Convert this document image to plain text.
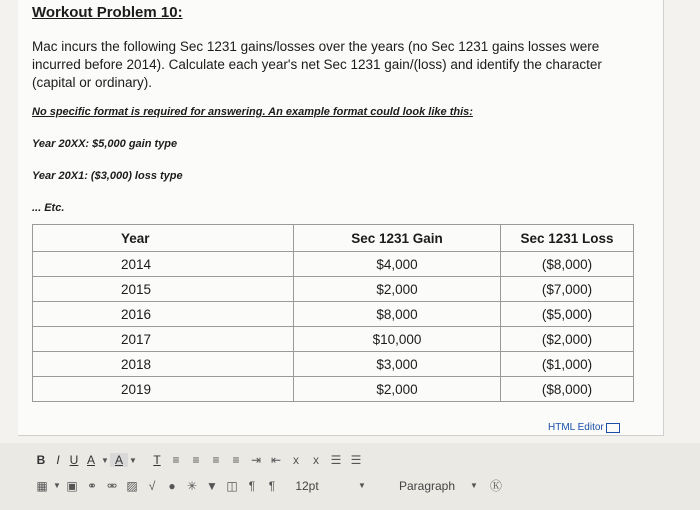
Workout Problem 10:
Mac incurs the following Sec 1231 gains/losses over the years (no Sec 1231 gains losses were incurred before 2014). Calculate each year's net Sec 1231 gain/(loss) and identify the character (capital or ordinary).
No specific format is required for answering. An example format could look like this:
Year 20XX: $5,000 gain type
Year 20X1: ($3,000) loss type
... Etc.
Year	Sec 1231 Gain	Sec 1231 Loss
2014	$4,000	($8,000)
2015	$2,000	($7,000)
2016	$8,000	($5,000)
2017	$10,000	($2,000)
2018	$3,000	($1,000)
2019	$2,000	($8,000)
HTML Editor
B I U A ▼ A ▼	T ≡	≡	≡	≡ ⇥ ⇤ x	x ☰ ☰
▦ ▼ ▣ ⚭ ⚮ ▨ √	● ✳ ▼ ◫ ¶	¶	12pt	▼	Paragraph	▼	Ⓚ
